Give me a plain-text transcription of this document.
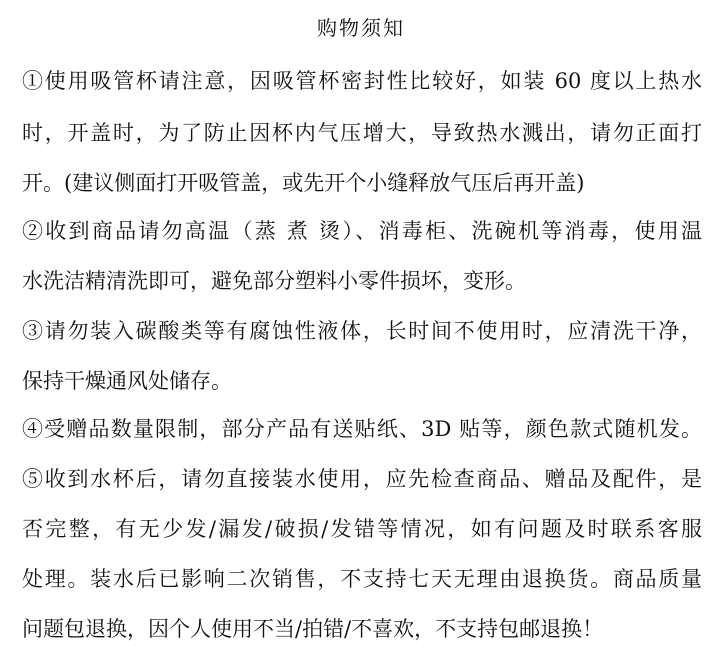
购物须知
①使用吸管杯请注意，因吸管杯密封性比较好，如装 60 度以上热水
时，开盖时，为了防止因杯内气压增大，导致热水溅出，请勿正面打
开。(建议侧面打开吸管盖，或先开个小缝释放气压后再开盖)
②收到商品请勿高温（蒸 煮 烫）、消毒柜、洗碗机等消毒，使用温
水洗洁精清洗即可，避免部分塑料小零件损坏，变形。
③请勿装入碳酸类等有腐蚀性液体，长时间不使用时，应清洗干净，
保持干燥通风处储存。
④受赠品数量限制，部分产品有送贴纸、3D 贴等，颜色款式随机发。
⑤收到水杯后，请勿直接装水使用，应先检查商品、赠品及配件，是
否完整，有无少发/漏发/破损/发错等情况，如有问题及时联系客服
处理。装水后已影响二次销售，不支持七天无理由退换货。商品质量
问题包退换，因个人使用不当/拍错/不喜欢，不支持包邮退换！
